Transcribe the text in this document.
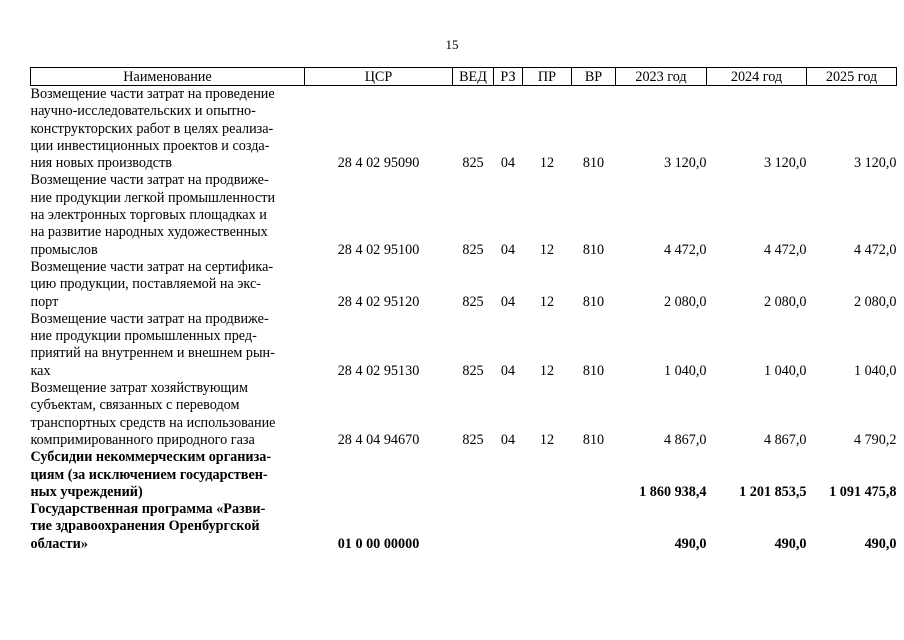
15
Наименование	ЦСР	ВЕД	РЗ	ПР	ВР	2023 год	2024 год	2025 год

Возмещение части затрат на проведение
научно-исследовательских и опытно-
конструкторских работ в целях реализа-
ции инвестиционных проектов и созда-
ния новых производств	28 4 02 95090	825	04	12	810	3 120,0	3 120,0	3 120,0

Возмещение части затрат на продвиже-
ние продукции легкой промышленности
на электронных торговых площадках и
на развитие народных художественных
промыслов	28 4 02 95100	825	04	12	810	4 472,0	4 472,0	4 472,0

Возмещение части затрат на сертифика-
цию продукции, поставляемой на экс-
порт	28 4 02 95120	825	04	12	810	2 080,0	2 080,0	2 080,0

Возмещение части затрат на продвиже-
ние продукции промышленных пред-
приятий на внутреннем и внешнем рын-
ках	28 4 02 95130	825	04	12	810	1 040,0	1 040,0	1 040,0

Возмещение затрат хозяйствующим
субъектам, связанных с переводом
транспортных средств на использование
компримированного природного газа	28 4 04 94670	825	04	12	810	4 867,0	4 867,0	4 790,2

Субсидии некоммерческим организа-
циям (за исключением государствен-
ных учреждений)						1 860 938,4	1 201 853,5	1 091 475,8

Государственная программа «Разви-
тие здравоохранения Оренбургской
области»	01 0 00 00000					490,0	490,0	490,0
